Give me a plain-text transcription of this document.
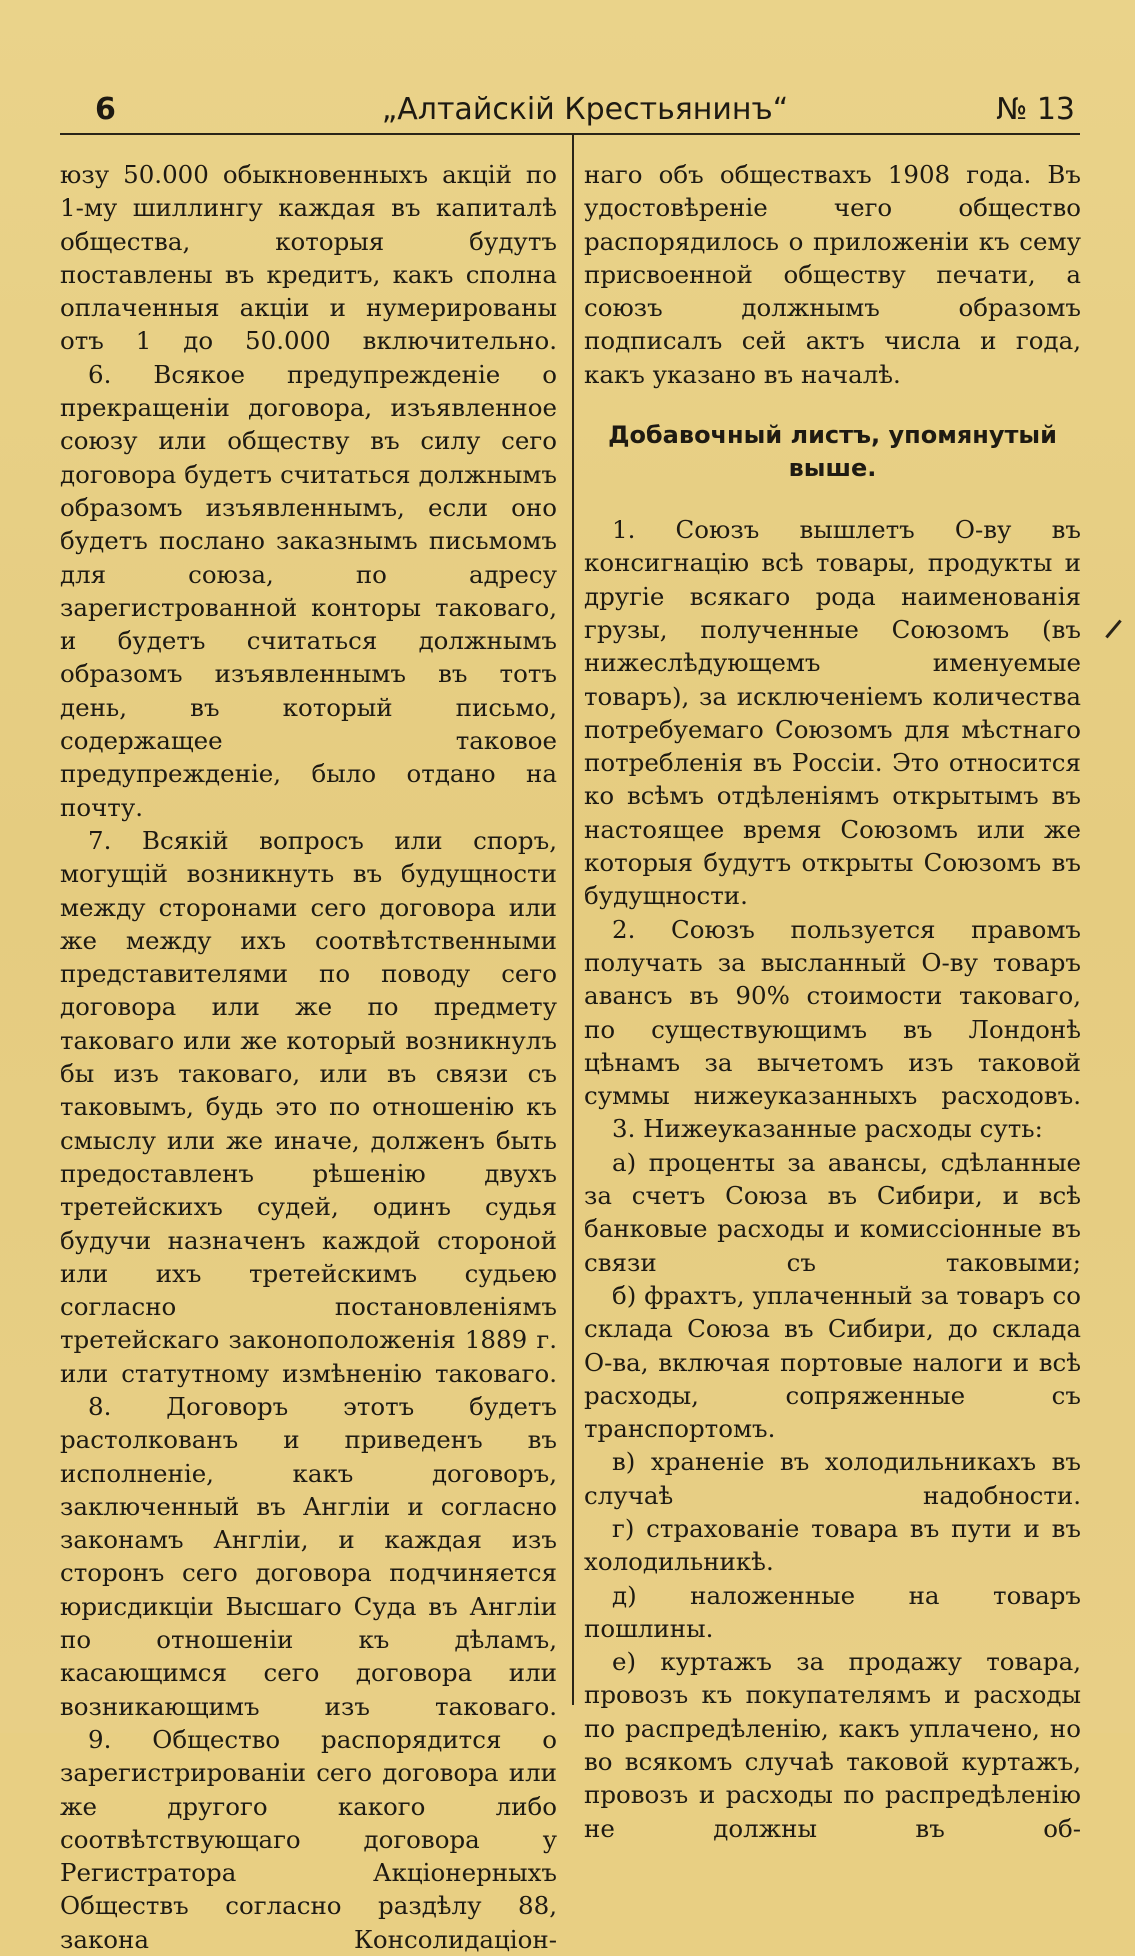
6	„Алтайскій Крестьянинъ“	№ 13

юзу 50.000 обыкновенныхъ акцій по 1-му шиллингу каждая въ капиталѣ общества, которыя будутъ поставлены въ кредитъ, какъ сполна оплаченныя акціи и нумерированы отъ 1 до 50.000 включительно.

6. Всякое предупрежденіе о прекращеніи договора, изъявленное союзу или обществу въ силу сего договора будетъ считаться должнымъ образомъ изъявленнымъ, если оно будетъ послано заказнымъ письмомъ для союза, по адресу зарегистрованной конторы таковаго, и будетъ считаться должнымъ образомъ изъявленнымъ въ тотъ день, въ который письмо, содержащее таковое предупрежденіе, было отдано на почту.

7. Всякій вопросъ или споръ, могущій возникнуть въ будущности между сторонами сего договора или же между ихъ соотвѣтственными представителями по поводу сего договора или же по предмету таковаго или же который возникнулъ бы изъ таковаго, или въ связи съ таковымъ, будь это по отношенію къ смыслу или же иначе, долженъ быть предоставленъ рѣшенію двухъ третейскихъ судей, одинъ судья будучи назначенъ каждой стороной или ихъ третейскимъ судьею согласно постановленіямъ третейскаго законоположенія 1889 г. или статутному измѣненію таковаго.

8. Договоръ этотъ будетъ растолкованъ и приведенъ въ исполненіе, какъ договоръ, заключенный въ Англіи и согласно законамъ Англіи, и каждая изъ сторонъ сего договора подчиняется юрисдикціи Высшаго Суда въ Англіи по отношеніи къ дѣламъ, касающимся сего договора или возникающимъ изъ таковаго.

9. Общество распорядится о зарегистрированіи сего договора или же другого какого либо соотвѣтствующаго договора у Регистратора Акціонерныхъ Обществъ согласно раздѣлу 88, закона Консолидаціон-

наго объ обществахъ 1908 года. Въ удостовѣреніе чего общество распорядилось о приложеніи къ сему присвоенной обществу печати, а союзъ должнымъ образомъ подписалъ сей актъ числа и года, какъ указано въ началѣ.

Добавочный листъ, упомянутый выше.

1. Союзъ вышлетъ О-ву въ консигнацію всѣ товары, продукты и другіе всякаго рода наименованія грузы, полученные Союзомъ (въ нижеслѣдующемъ именуемые товаръ), за исключеніемъ количества потребуемаго Союзомъ для мѣстнаго потребленія въ Россіи. Это относится ко всѣмъ отдѣленіямъ открытымъ въ настоящее время Союзомъ или же которыя будутъ открыты Союзомъ въ будущности.

2. Союзъ пользуется правомъ получать за высланный О-ву товаръ авансъ въ 90% стоимости таковаго, по существующимъ въ Лондонѣ цѣнамъ за вычетомъ изъ таковой суммы нижеуказанныхъ расходовъ.

3. Нижеуказанные расходы суть:

а) проценты за авансы, сдѣланные за счетъ Союза въ Сибири, и всѣ банковые расходы и комиссіонные въ связи съ таковыми;

б) фрахтъ, уплаченный за товаръ со склада Союза въ Сибири, до склада О-ва, включая портовые налоги и всѣ расходы, сопряженные съ транспортомъ.

в) храненіе въ холодильникахъ въ случаѣ надобности.

г) страхованіе товара въ пути и въ холодильникѣ.

д) наложенные на товаръ пошлины.

е) куртажъ за продажу товара, провозъ къ покупателямъ и расходы по распредѣленію, какъ уплачено, но во всякомъ случаѣ таковой куртажъ, провозъ и расходы по распредѣленію не должны въ об-
